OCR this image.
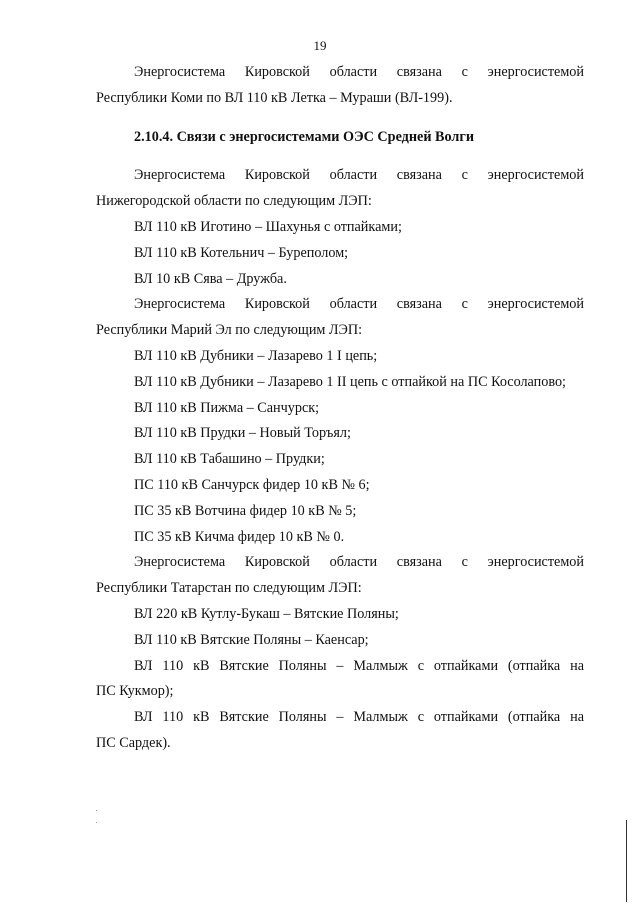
19
Энергосистема Кировской области связана с энергосистемой
Республики Коми по ВЛ 110 кВ Летка – Мураши (ВЛ-199).
2.10.4. Связи с энергосистемами ОЭС Средней Волги
Энергосистема Кировской области связана с энергосистемой
Нижегородской области по следующим ЛЭП:
ВЛ 110 кВ Иготино – Шахунья с отпайками;
ВЛ 110 кВ Котельнич – Буреполом;
ВЛ 10 кВ Сява – Дружба.
Энергосистема Кировской области связана с энергосистемой
Республики Марий Эл по следующим ЛЭП:
ВЛ 110 кВ Дубники – Лазарево 1 I цепь;
ВЛ 110 кВ Дубники – Лазарево 1 II цепь с отпайкой на ПС Косолапово;
ВЛ 110 кВ Пижма – Санчурск;
ВЛ 110 кВ Прудки – Новый Торъял;
ВЛ 110 кВ Табашино – Прудки;
ПС 110 кВ Санчурск фидер 10 кВ № 6;
ПС 35 кВ Вотчина фидер 10 кВ № 5;
ПС 35 кВ Кичма фидер 10 кВ № 0.
Энергосистема Кировской области связана с энергосистемой
Республики Татарстан по следующим ЛЭП:
ВЛ 220 кВ Кутлу-Букаш – Вятские Поляны;
ВЛ 110 кВ Вятские Поляны – Каенсар;
ВЛ 110 кВ Вятские Поляны – Малмыж с отпайками (отпайка на
ПС Кукмор);
ВЛ 110 кВ Вятские Поляны – Малмыж с отпайками (отпайка на
ПС Сардек).
